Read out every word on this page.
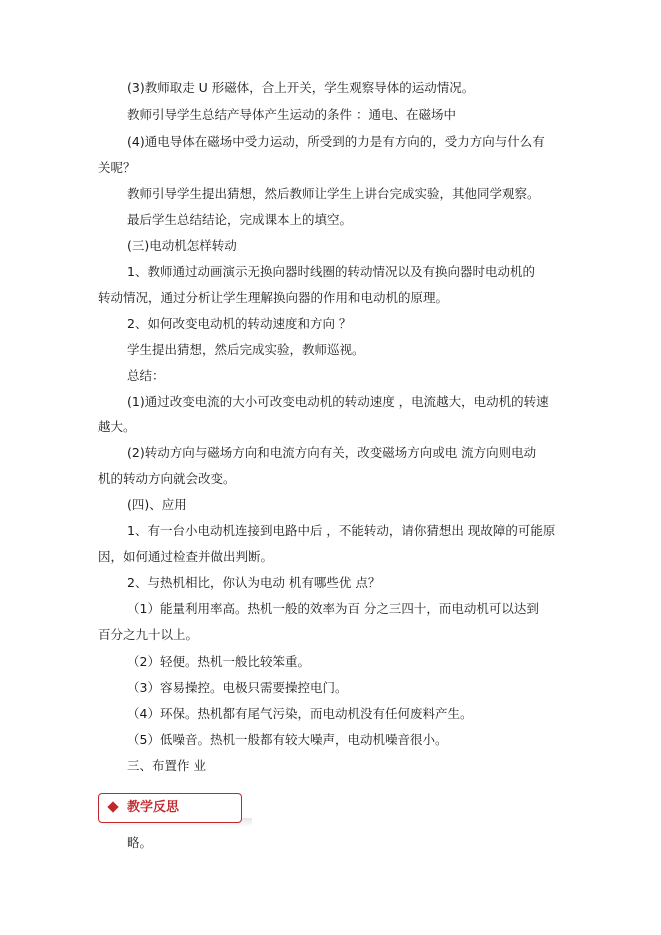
(3)教师取走 U 形磁体，合上开关，学生观察导体的运动情况。
教师引导学生总结产导体产生运动的条件 ：通电、在磁场中
(4)通电导体在磁场中受力运动，所受到的力是有方向的，受力方向与什么有
关呢？
教师引导学生提出猜想，然后教师让学生上讲台完成实验，其他同学观察。
最后学生总结结论，完成课本上的填空。
(三)电动机怎样转动
1、教师通过动画演示无换向器时线圈的转动情况以及有换向器时电动机的
转动情况，通过分析让学生理解换向器的作用和电动机的原理。
2、如何改变电动机的转动速度和方向 ？
学生提出猜想，然后完成实验，教师巡视。
总结：
(1)通过改变电流的大小可改变电动机的转动速度 ，电流越大，电动机的转速
越大。
(2)转动方向与磁场方向和电流方向有关，改变磁场方向或电 流方向则电动
机的转动方向就会改变。
(四)、应用
1、有一台小电动机连接到电路中后 ，不能转动，请你猜想出 现故障的可能原
因，如何通过检查并做出判断。
2、与热机相比，你认为电动 机有哪些优 点？
（1）能量利用率高。热机一般的效率为百 分之三四十，而电动机可以达到
百分之九十以上。
（2）轻便。热机一般比较笨重。
（3）容易操控。电极只需要操控电门。
（4）环保。热机都有尾气污染，而电动机没有任何废料产生。
（5）低噪音。热机一般都有较大噪声，电动机噪音很小。
三、布置作 业
教学反思
略。
